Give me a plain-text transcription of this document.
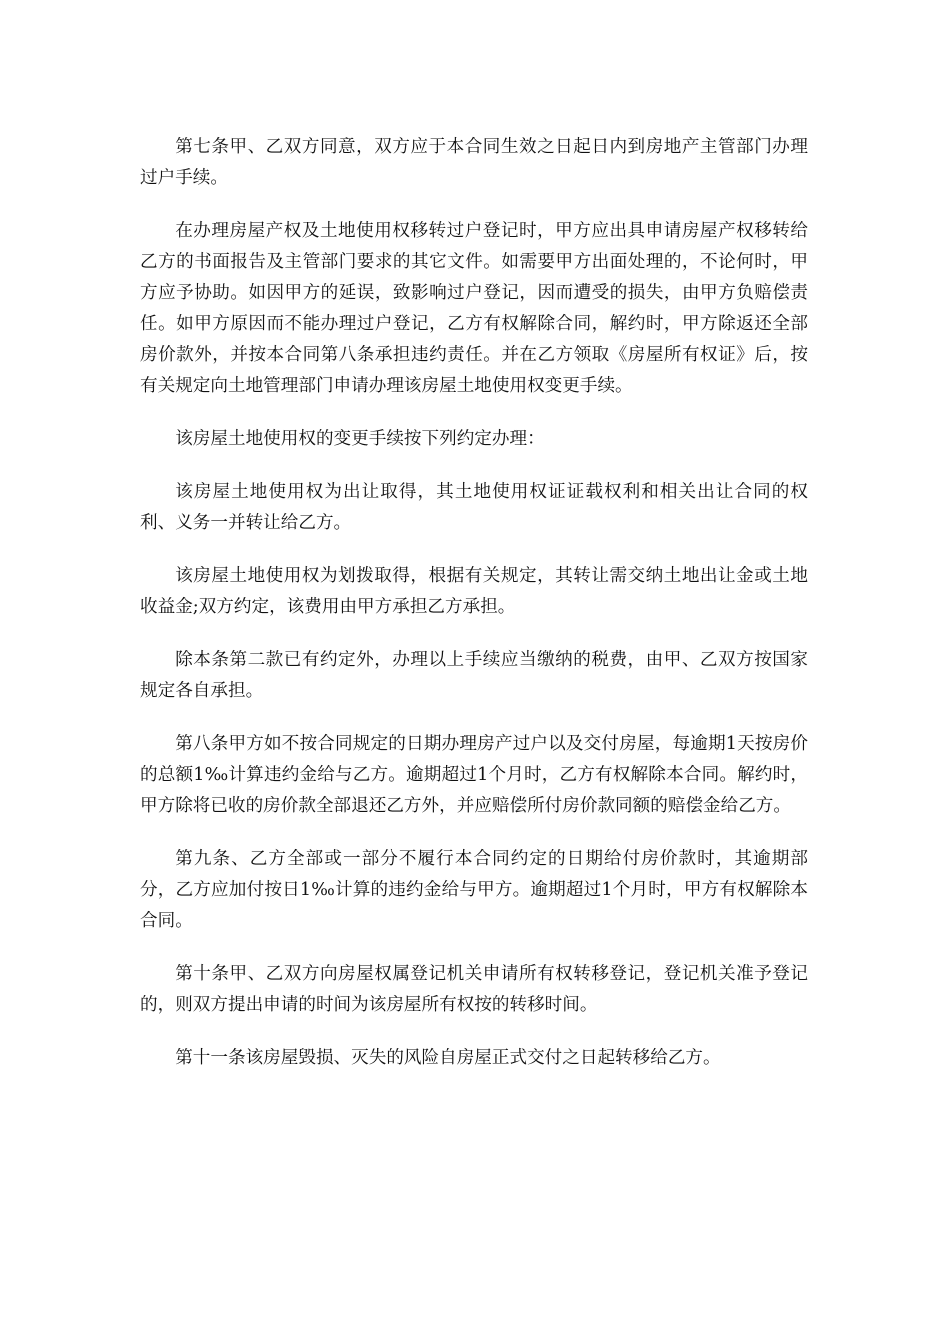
第七条甲、乙双方同意，双方应于本合同生效之日起日内到房地产主管部门办理过户手续。

在办理房屋产权及土地使用权移转过户登记时，甲方应出具申请房屋产权移转给乙方的书面报告及主管部门要求的其它文件。如需要甲方出面处理的，不论何时，甲方应予协助。如因甲方的延误，致影响过户登记，因而遭受的损失，由甲方负赔偿责任。如甲方原因而不能办理过户登记，乙方有权解除合同，解约时，甲方除返还全部房价款外，并按本合同第八条承担违约责任。并在乙方领取《房屋所有权证》后，按有关规定向土地管理部门申请办理该房屋土地使用权变更手续。

该房屋土地使用权的变更手续按下列约定办理：

该房屋土地使用权为出让取得，其土地使用权证证载权利和相关出让合同的权利、义务一并转让给乙方。

该房屋土地使用权为划拨取得，根据有关规定，其转让需交纳土地出让金或土地收益金;双方约定，该费用由甲方承担乙方承担。

除本条第二款已有约定外，办理以上手续应当缴纳的税费，由甲、乙双方按国家规定各自承担。

第八条甲方如不按合同规定的日期办理房产过户以及交付房屋，每逾期1天按房价的总额1‰计算违约金给与乙方。逾期超过1个月时，乙方有权解除本合同。解约时，甲方除将已收的房价款全部退还乙方外，并应赔偿所付房价款同额的赔偿金给乙方。

第九条、乙方全部或一部分不履行本合同约定的日期给付房价款时，其逾期部分，乙方应加付按日1‰计算的违约金给与甲方。逾期超过1个月时，甲方有权解除本合同。

第十条甲、乙双方向房屋权属登记机关申请所有权转移登记，登记机关准予登记的，则双方提出申请的时间为该房屋所有权按的转移时间。

第十一条该房屋毁损、灭失的风险自房屋正式交付之日起转移给乙方。
